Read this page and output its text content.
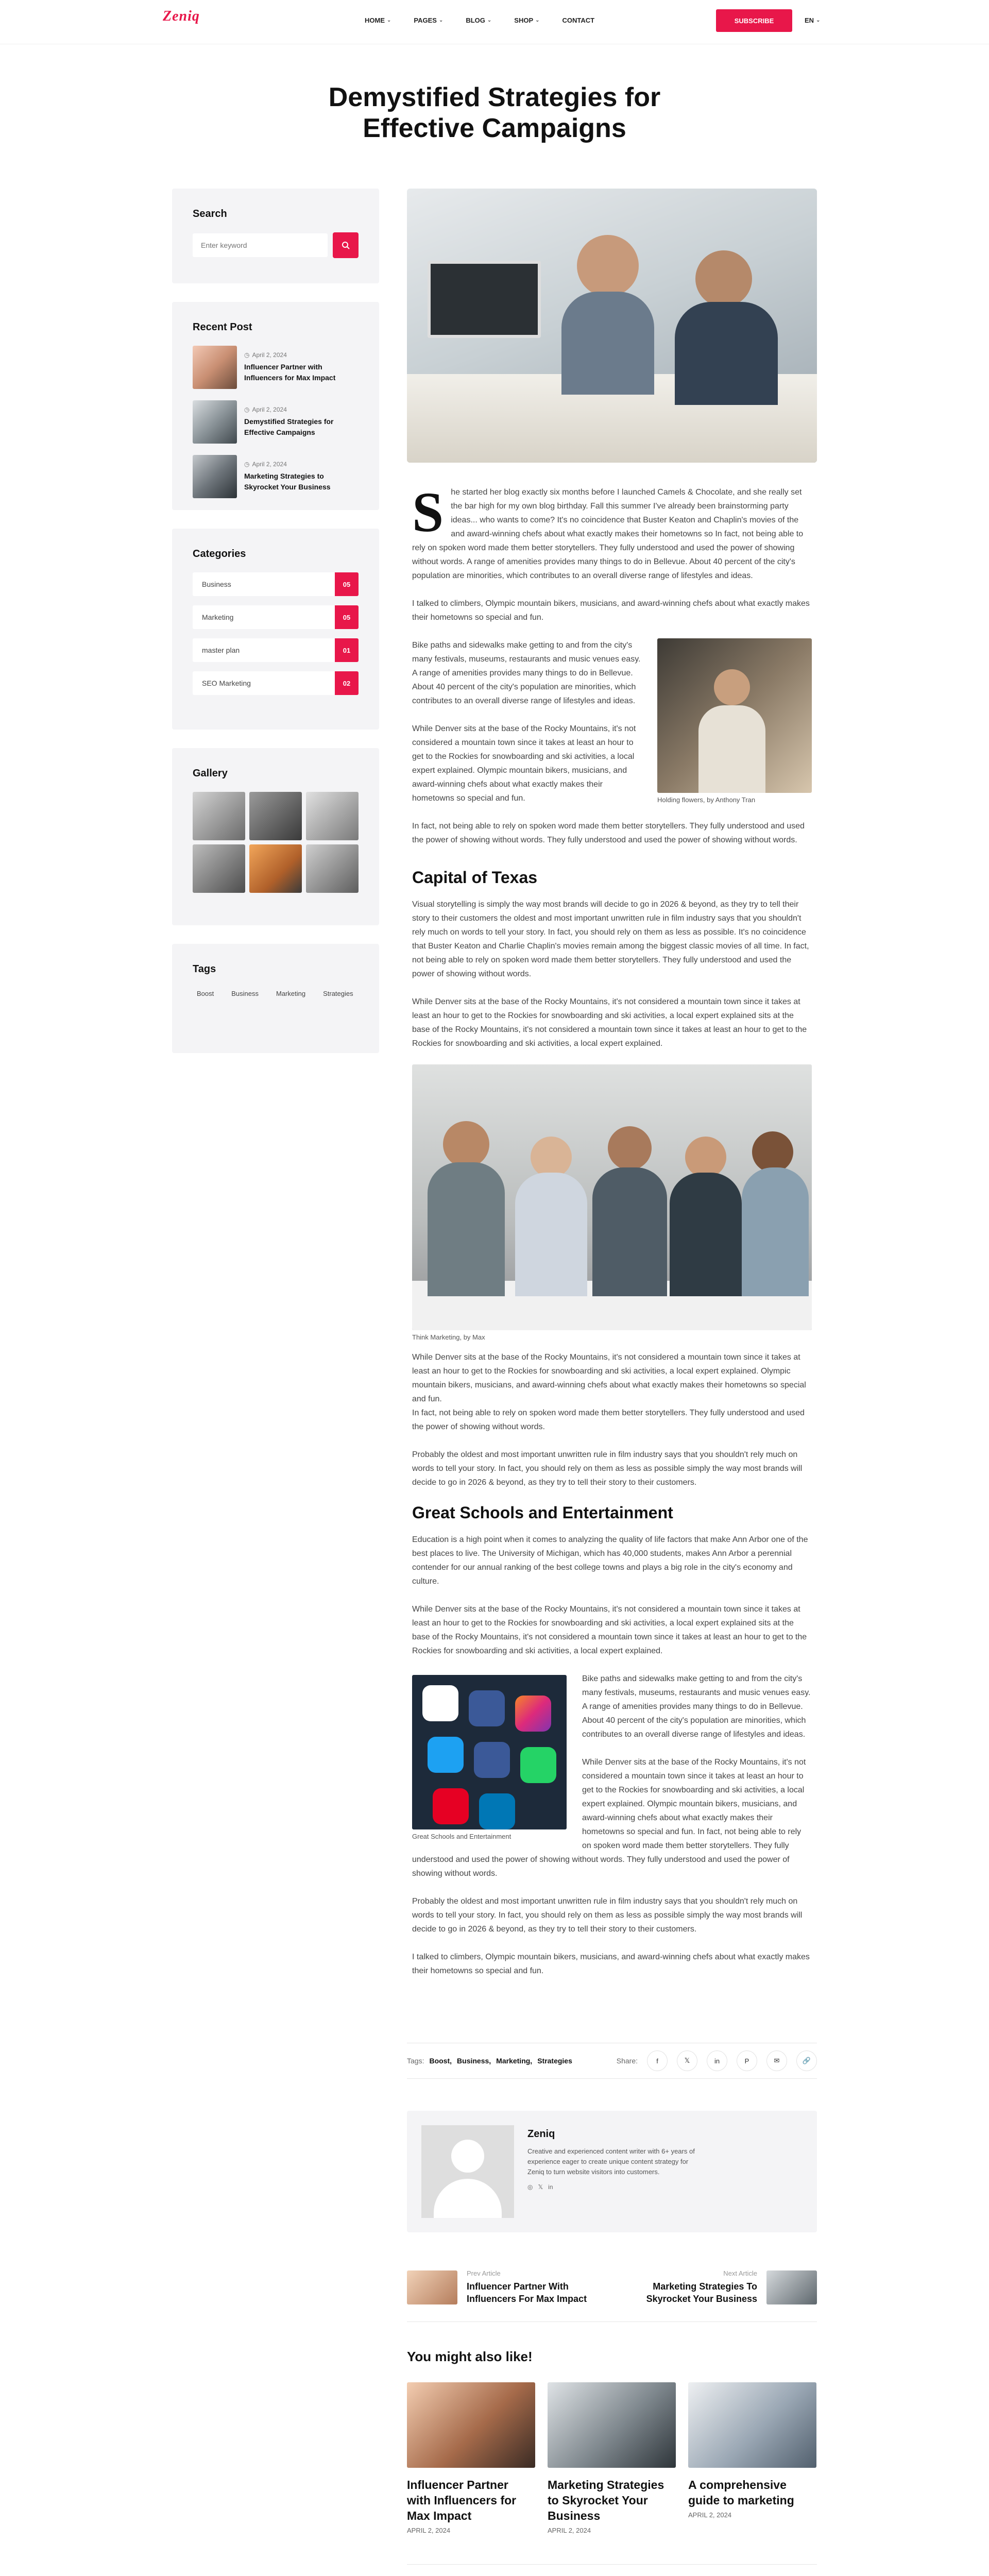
Zeniq	HOME ⌄	PAGES ⌄	BLOG ⌄	SHOP ⌄	CONTACT	SUBSCRIBE	EN ⌄
Demystified Strategies for Effective Campaigns
Search
Enter keyword
Recent Post
◷ April 2, 2024
Influencer Partner with Influencers for Max Impact
◷ April 2, 2024
Demystified Strategies for Effective Campaigns
◷ April 2, 2024
Marketing Strategies to Skyrocket Your Business
Categories
Business	05
Marketing	05
master plan	01
SEO Marketing	02
Gallery
Tags
Boost	Business	Marketing	Strategies
She started her blog exactly six months before I launched Camels & Chocolate, and she really set the bar high for my own blog birthday. Fall this summer I've already been brainstorming party ideas... who wants to come? It's no coincidence that Buster Keaton and Chaplin's movies of the and award-winning chefs about what exactly makes their hometowns so In fact, not being able to rely on spoken word made them better storytellers. They fully understood and used the power of showing without words. A range of amenities provides many things to do in Bellevue. About 40 percent of the city's population are minorities, which contributes to an overall diverse range of lifestyles and ideas.

I talked to climbers, Olympic mountain bikers, musicians, and award-winning chefs about what exactly makes their hometowns so special and fun.

Holding flowers, by Anthony Tran

Bike paths and sidewalks make getting to and from the city's many festivals, museums, restaurants and music venues easy. A range of amenities provides many things to do in Bellevue. About 40 percent of the city's population are minorities, which contributes to an overall diverse range of lifestyles and ideas.

While Denver sits at the base of the Rocky Mountains, it's not considered a mountain town since it takes at least an hour to get to the Rockies for snowboarding and ski activities, a local expert explained. Olympic mountain bikers, musicians, and award-winning chefs about what exactly makes their hometowns so special and fun.

In fact, not being able to rely on spoken word made them better storytellers. They fully understood and used the power of showing without words. They fully understood and used the power of showing without words.

Capital of Texas

Visual storytelling is simply the way most brands will decide to go in 2026 & beyond, as they try to tell their story to their customers the oldest and most important unwritten rule in film industry says that you shouldn't rely much on words to tell your story. In fact, you should rely on them as less as possible. It's no coincidence that Buster Keaton and Charlie Chaplin's movies remain among the biggest classic movies of all time. In fact, not being able to rely on spoken word made them better storytellers. They fully understood and used the power of showing without words.

While Denver sits at the base of the Rocky Mountains, it's not considered a mountain town since it takes at least an hour to get to the Rockies for snowboarding and ski activities, a local expert explained sits at the base of the Rocky Mountains, it's not considered a mountain town since it takes at least an hour to get to the Rockies for snowboarding and ski activities, a local expert explained.

Think Marketing, by Max

While Denver sits at the base of the Rocky Mountains, it's not considered a mountain town since it takes at least an hour to get to the Rockies for snowboarding and ski activities, a local expert explained. Olympic mountain bikers, musicians, and award-winning chefs about what exactly makes their hometowns so special and fun.

In fact, not being able to rely on spoken word made them better storytellers. They fully understood and used the power of showing without words.

Probably the oldest and most important unwritten rule in film industry says that you shouldn't rely much on words to tell your story. In fact, you should rely on them as less as possible simply the way most brands will decide to go in 2026 & beyond, as they try to tell their story to their customers.

Great Schools and Entertainment

Education is a high point when it comes to analyzing the quality of life factors that make Ann Arbor one of the best places to live. The University of Michigan, which has 40,000 students, makes Ann Arbor a perennial contender for our annual ranking of the best college towns and plays a big role in the city's economy and culture.

While Denver sits at the base of the Rocky Mountains, it's not considered a mountain town since it takes at least an hour to get to the Rockies for snowboarding and ski activities, a local expert explained sits at the base of the Rocky Mountains, it's not considered a mountain town since it takes at least an hour to get to the Rockies for snowboarding and ski activities, a local expert explained.

Great Schools and Entertainment

Bike paths and sidewalks make getting to and from the city's many festivals, museums, restaurants and music venues easy. A range of amenities provides many things to do in Bellevue. About 40 percent of the city's population are minorities, which contributes to an overall diverse range of lifestyles and ideas.

While Denver sits at the base of the Rocky Mountains, it's not considered a mountain town since it takes at least an hour to get to the Rockies for snowboarding and ski activities, a local expert explained. Olympic mountain bikers, musicians, and award-winning chefs about what exactly makes their hometowns so special and fun. In fact, not being able to rely on spoken word made them better storytellers. They fully understood and used the power of showing without words. They fully understood and used the power of showing without words.

Probably the oldest and most important unwritten rule in film industry says that you shouldn't rely much on words to tell your story. In fact, you should rely on them as less as possible simply the way most brands will decide to go in 2026 & beyond, as they try to tell their story to their customers.

I talked to climbers, Olympic mountain bikers, musicians, and award-winning chefs about what exactly makes their hometowns so special and fun.

Tags: Boost, Business, Marketing, Strategies	Share:	f	𝕏	in	P	✉	🔗
Zeniq
Creative and experienced content writer with 6+ years of experience eager to create unique content strategy for Zeniq to turn website visitors into customers.
◎ 𝕏 in
Prev Article
Influencer Partner With Influencers For Max Impact
Next Article
Marketing Strategies To Skyrocket Your Business
You might also like!
Influencer Partner with Influencers for Max Impact
APRIL 2, 2024
Marketing Strategies to Skyrocket Your Business
APRIL 2, 2024
A comprehensive guide to marketing
APRIL 2, 2024
